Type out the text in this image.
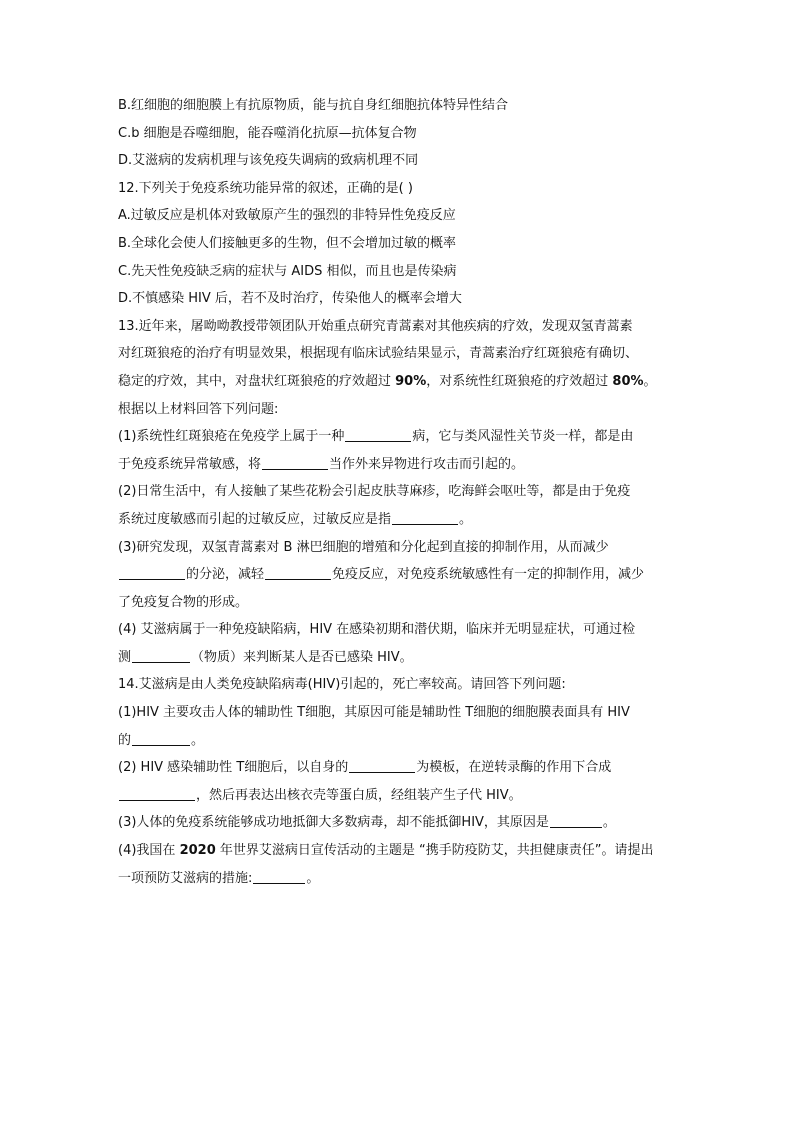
B.红细胞的细胞膜上有抗原物质，能与抗自身红细胞抗体特异性结合
C.b 细胞是吞噬细胞，能吞噬消化抗原—抗体复合物
D.艾滋病的发病机理与该免疫失调病的致病机理不同
12.下列关于免疫系统功能异常的叙述，正确的是( )
A.过敏反应是机体对致敏原产生的强烈的非特异性免疫反应
B.全球化会使人们接触更多的生物，但不会增加过敏的概率
C.先天性免疫缺乏病的症状与 AIDS 相似，而且也是传染病
D.不慎感染 HIV 后，若不及时治疗，传染他人的概率会增大
13.近年来，屠呦呦教授带领团队开始重点研究青蒿素对其他疾病的疗效，发现双氢青蒿素
对红斑狼疮的治疗有明显效果，根据现有临床试验结果显示，青蒿素治疗红斑狼疮有确切、
稳定的疗效，其中，对盘状红斑狼疮的疗效超过 90%，对系统性红斑狼疮的疗效超过 80%。
根据以上材料回答下列问题:
(1)系统性红斑狼疮在免疫学上属于一种	病，它与类风湿性关节炎一样，都是由
于免疫系统异常敏感，将	当作外来异物进行攻击而引起的。
(2)日常生活中，有人接触了某些花粉会引起皮肤荨麻疹，吃海鲜会呕吐等，都是由于免疫
系统过度敏感而引起的过敏反应，过敏反应是指	。
(3)研究发现，双氢青蒿素对 B 淋巴细胞的增殖和分化起到直接的抑制作用，从而减少
的分泌，减轻	免疫反应，对免疫系统敏感性有一定的抑制作用，减少
了免疫复合物的形成。
(4) 艾滋病属于一种免疫缺陷病，HIV 在感染初期和潜伏期，临床并无明显症状，可通过检
测	（物质）来判断某人是否已感染 HIV。
14.艾滋病是由人类免疫缺陷病毒(HIV)引起的，死亡率较高。请回答下列问题:
(1)HIV 主要攻击人体的辅助性 T细胞，其原因可能是辅助性 T细胞的细胞膜表面具有 HIV
的	。
(2) HIV 感染辅助性 T细胞后，以自身的	为模板，在逆转录酶的作用下合成
，然后再表达出核衣壳等蛋白质，经组装产生子代 HIV。
(3)人体的免疫系统能够成功地抵御大多数病毒，却不能抵御HIV，其原因是	。
(4)我国在 2020 年世界艾滋病日宣传活动的主题是 “携手防疫防艾，共担健康责任”。请提出
一项预防艾滋病的措施:	。
